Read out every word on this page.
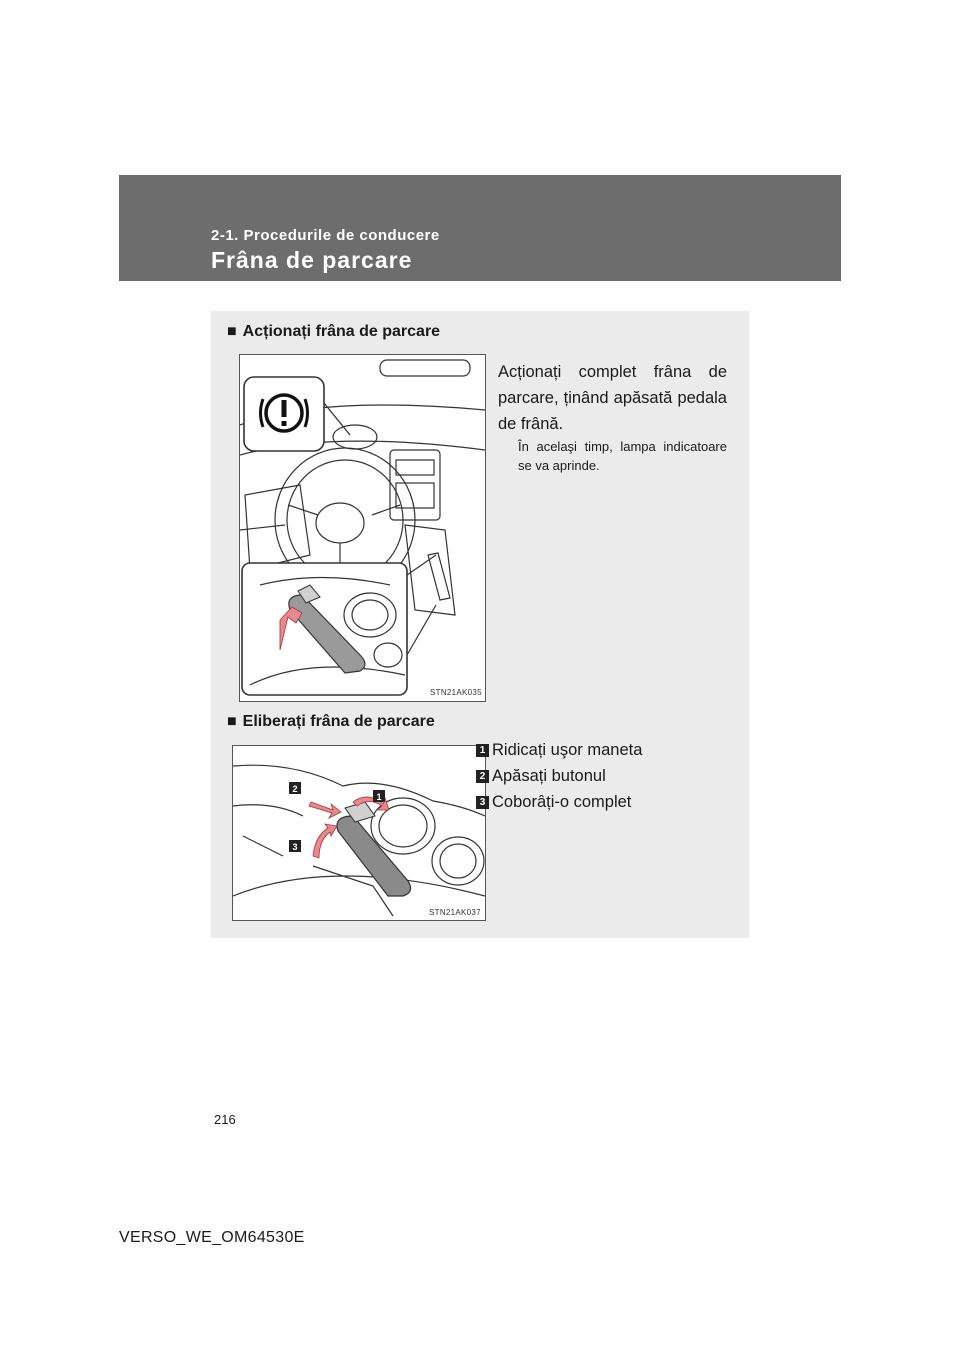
2-1. Procedurile de conducere
Frâna de parcare
■ Acționați frâna de parcare
STN21AK035
Acționați complet frâna de parcare, ținând apăsată pedala de frână.
În acelaşi timp, lampa indicatoare se va aprinde.
■ Eliberați frâna de parcare
2
1
3
STN21AK037
1 Ridicați uşor maneta
2 Apăsați butonul
3 Coborâți-o complet
216
VERSO_WE_OM64530E
